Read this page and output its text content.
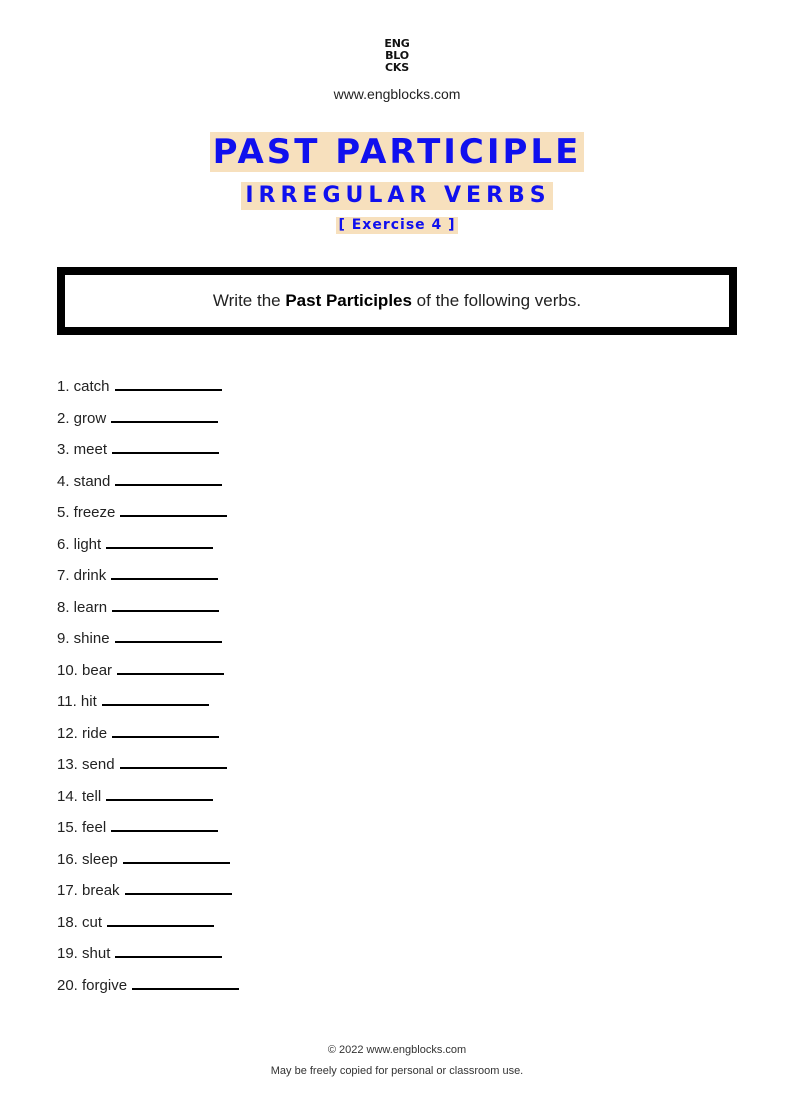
ENG
BLO
CKS
www.engblocks.com
PAST PARTICIPLE
IRREGULAR VERBS
[ Exercise 4 ]
Write the Past Participles of the following verbs.
1. catch
2. grow
3. meet
4. stand
5. freeze
6. light
7. drink
8. learn
9. shine
10. bear
11. hit
12. ride
13. send
14. tell
15. feel
16. sleep
17. break
18. cut
19. shut
20. forgive
© 2022 www.engblocks.com
May be freely copied for personal or classroom use.
